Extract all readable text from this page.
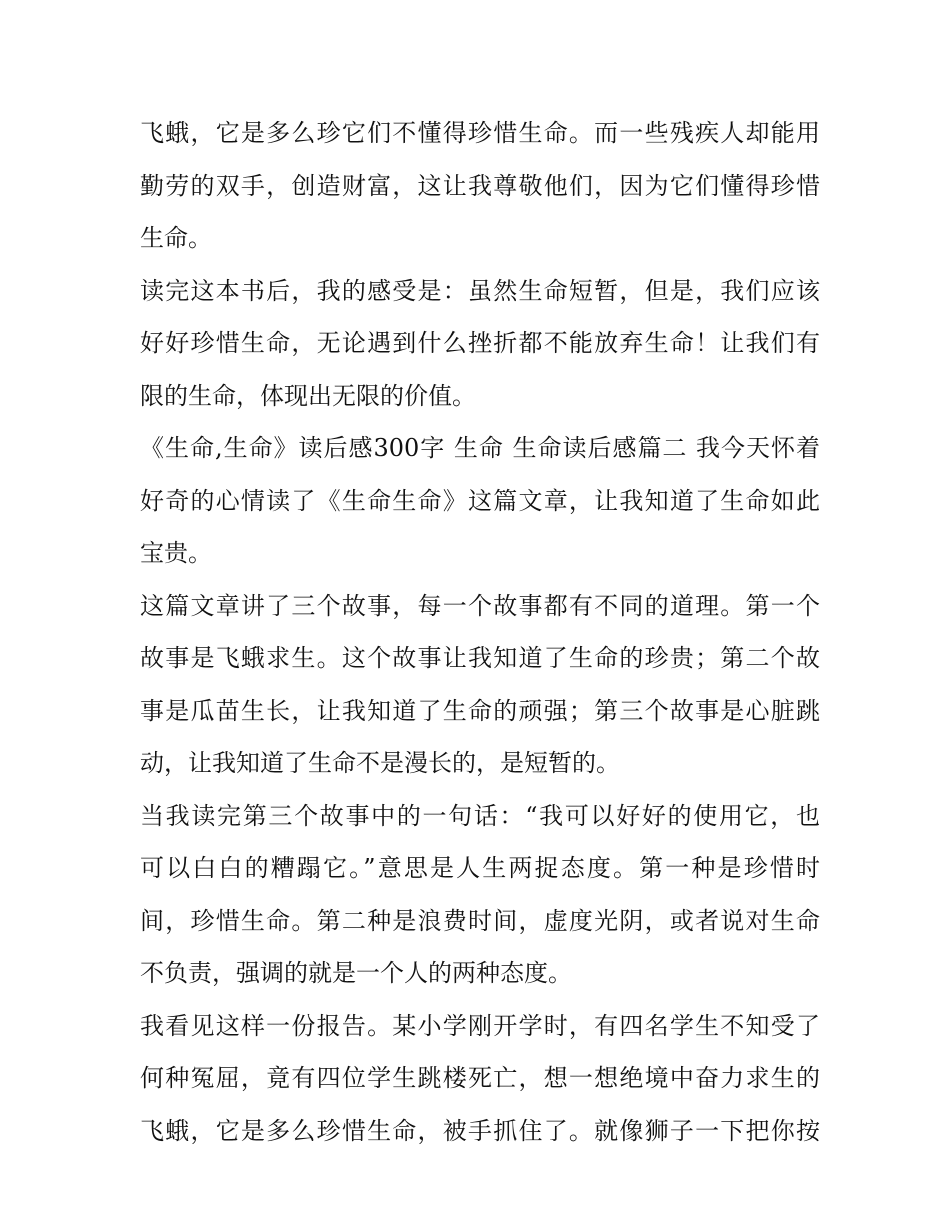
飞蛾，它是多么珍它们不懂得珍惜生命。而一些残疾人却能用
勤劳的双手，创造财富，这让我尊敬他们，因为它们懂得珍惜
生命。
读完这本书后，我的感受是：虽然生命短暂，但是，我们应该
好好珍惜生命，无论遇到什么挫折都不能放弃生命！让我们有
限的生命，体现出无限的价值。
《生命,生命》读后感300字 生命 生命读后感篇二 我今天怀着
好奇的心情读了《生命生命》这篇文章，让我知道了生命如此
宝贵。
这篇文章讲了三个故事，每一个故事都有不同的道理。第一个
故事是飞蛾求生。这个故事让我知道了生命的珍贵；第二个故
事是瓜苗生长，让我知道了生命的顽强；第三个故事是心脏跳
动，让我知道了生命不是漫长的，是短暂的。
当我读完第三个故事中的一句话：“我可以好好的使用它，也
可以白白的糟蹋它。”意思是人生两捉态度。第一种是珍惜时
间，珍惜生命。第二种是浪费时间，虚度光阴，或者说对生命
不负责，强调的就是一个人的两种态度。
我看见这样一份报告。某小学刚开学时，有四名学生不知受了
何种冤屈，竟有四位学生跳楼死亡，想一想绝境中奋力求生的
飞蛾，它是多么珍惜生命，被手抓住了。就像狮子一下把你按
